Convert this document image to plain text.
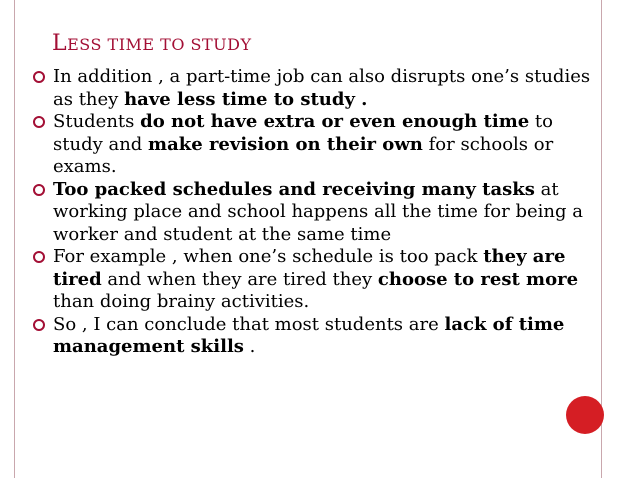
LESS TIME TO STUDY
In addition , a part-time job can also disrupts one’s studies as they have less time to study .
Students do not have extra or even enough time to study and make revision on their own for schools or exams.
Too packed schedules and receiving many tasks at working place and school happens all the time for being a worker and student at the same time
For example , when one’s schedule is too pack they are tired and when they are tired they choose to rest more than doing brainy activities.
So , I can conclude that most students are lack of time management skills .
